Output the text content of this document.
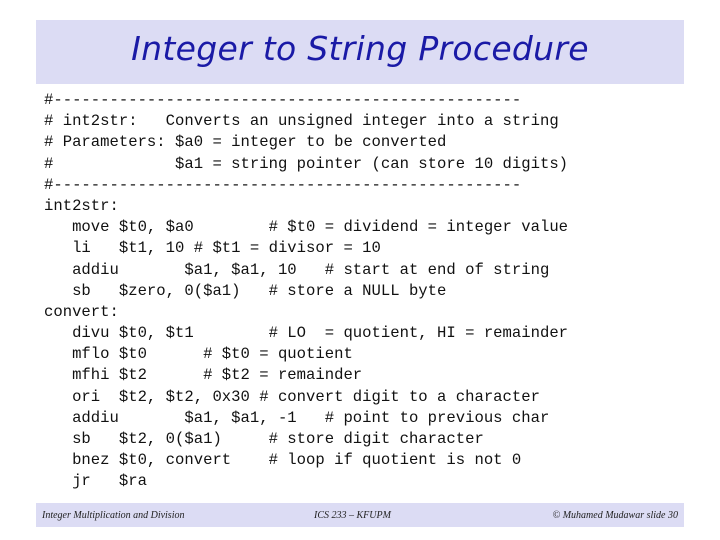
Integer to String Procedure
#--------------------------------------------------
# int2str:   Converts an unsigned integer into a string
# Parameters: $a0 = integer to be converted
#             $a1 = string pointer (can store 10 digits)
#--------------------------------------------------
int2str:
move $t0, $a0        # $t0 = dividend = integer value
li   $t1, 10 # $t1 = divisor = 10
addiu       $a1, $a1, 10   # start at end of string
sb   $zero, 0($a1)   # store a NULL byte
convert:
divu $t0, $t1        # LO  = quotient, HI = remainder
mflo $t0      # $t0 = quotient
mfhi $t2      # $t2 = remainder
ori  $t2, $t2, 0x30 # convert digit to a character
addiu       $a1, $a1, -1   # point to previous char
sb   $t2, 0($a1)     # store digit character
bnez $t0, convert    # loop if quotient is not 0
jr   $ra
Integer Multiplication and Division	ICS 233 – KFUPM	© Muhamed Mudawar slide 30
